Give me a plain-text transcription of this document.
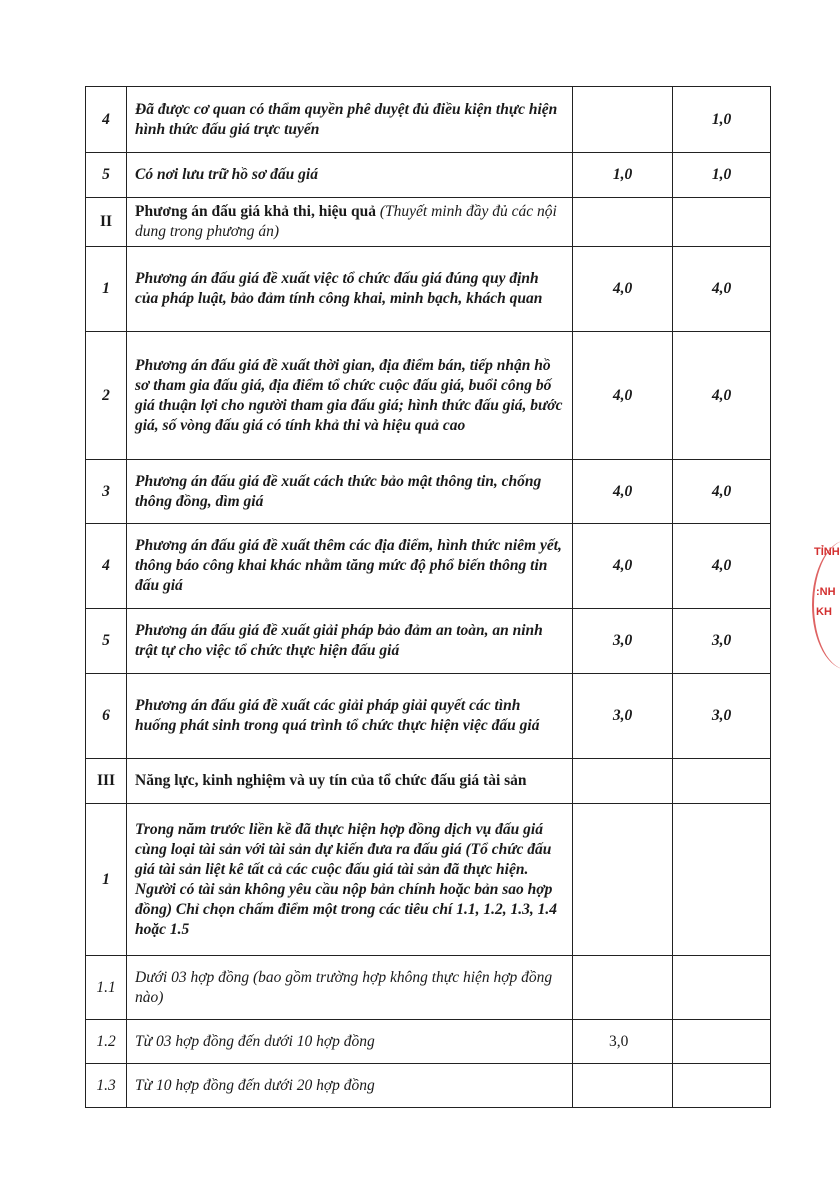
4	Đã được cơ quan có thẩm quyền phê duyệt đủ điều kiện thực hiện hình thức đấu giá trực tuyến		1,0
5	Có nơi lưu trữ hồ sơ đấu giá	1,0	1,0
II	Phương án đấu giá khả thi, hiệu quả (Thuyết minh đầy đủ các nội dung trong phương án)		
1	Phương án đấu giá đề xuất việc tổ chức đấu giá đúng quy định của pháp luật, bảo đảm tính công khai, minh bạch, khách quan	4,0	4,0
2	Phương án đấu giá đề xuất thời gian, địa điểm bán, tiếp nhận hồ sơ tham gia đấu giá, địa điểm tổ chức cuộc đấu giá, buổi công bố giá thuận lợi cho người tham gia đấu giá; hình thức đấu giá, bước giá, số vòng đấu giá có tính khả thi và hiệu quả cao	4,0	4,0
3	Phương án đấu giá đề xuất cách thức bảo mật thông tin, chống thông đồng, dìm giá	4,0	4,0
4	Phương án đấu giá đề xuất thêm các địa điểm, hình thức niêm yết, thông báo công khai khác nhằm tăng mức độ phổ biến thông tin đấu giá	4,0	4,0
5	Phương án đấu giá đề xuất giải pháp bảo đảm an toàn, an ninh trật tự cho việc tổ chức thực hiện đấu giá	3,0	3,0
6	Phương án đấu giá đề xuất các giải pháp giải quyết các tình huống phát sinh trong quá trình tổ chức thực hiện việc đấu giá	3,0	3,0
III	Năng lực, kinh nghiệm và uy tín của tổ chức đấu giá tài sản		
1	Trong năm trước liền kề đã thực hiện hợp đồng dịch vụ đấu giá cùng loại tài sản với tài sản dự kiến đưa ra đấu giá (Tổ chức đấu giá tài sản liệt kê tất cả các cuộc đấu giá tài sản đã thực hiện. Người có tài sản không yêu cầu nộp bản chính hoặc bản sao hợp đồng) Chỉ chọn chấm điểm một trong các tiêu chí 1.1, 1.2, 1.3, 1.4 hoặc 1.5		
1.1	Dưới 03 hợp đồng (bao gồm trường hợp không thực hiện hợp đồng nào)		
1.2	Từ 03 hợp đồng đến dưới 10 hợp đồng	3,0	
1.3	Từ 10 hợp đồng đến dưới 20 hợp đồng		
TỈNH
:NH
KH
